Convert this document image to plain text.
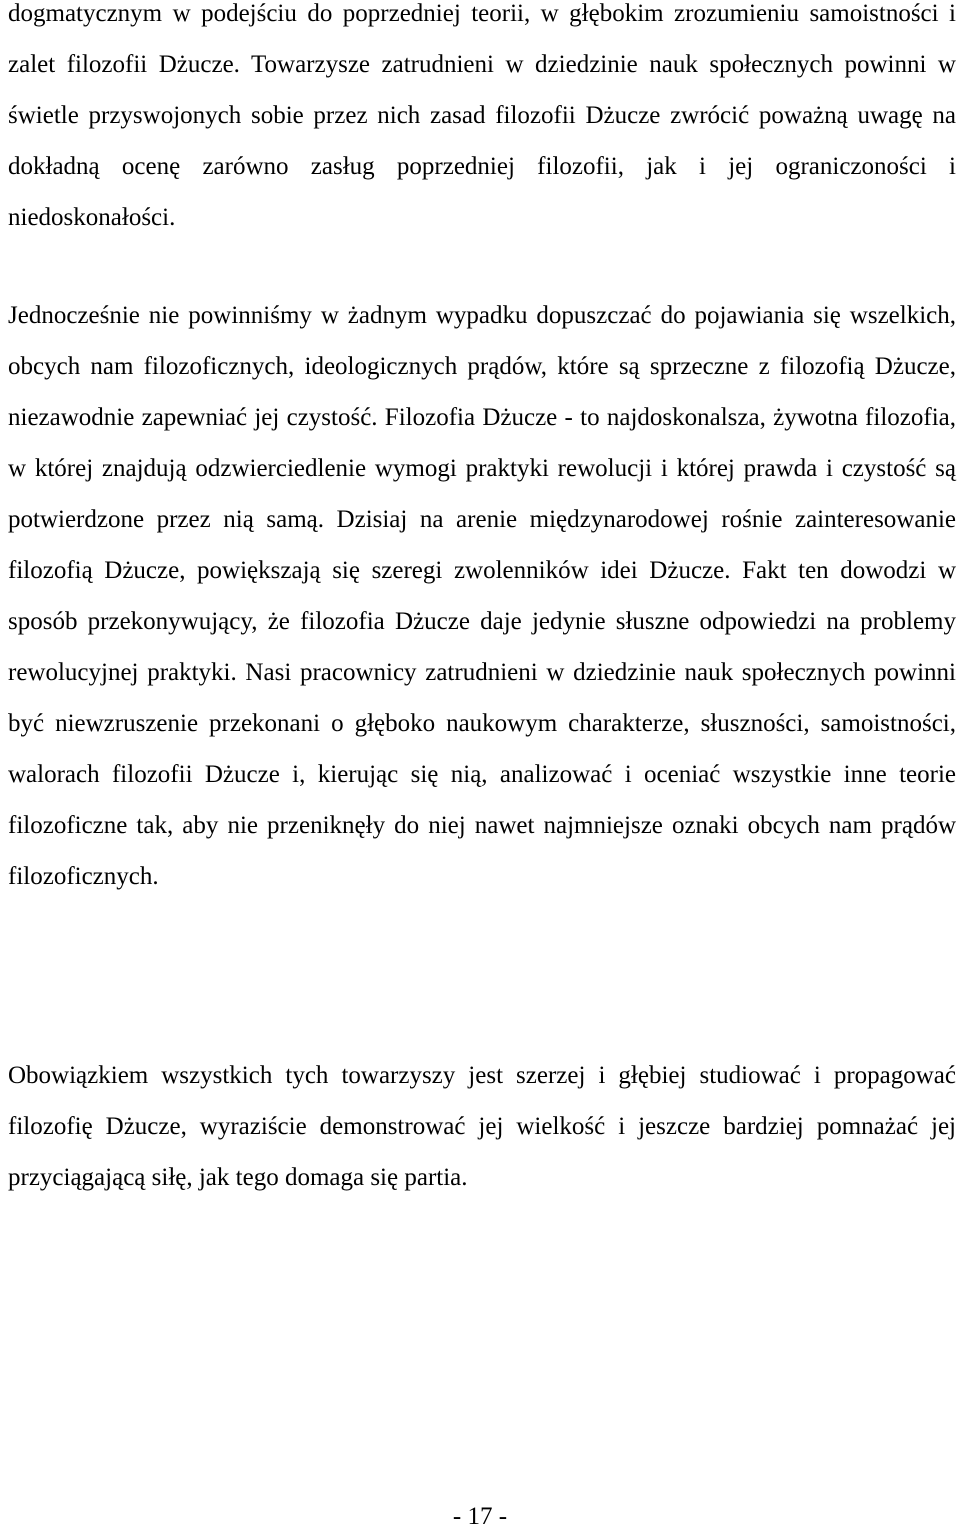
dogmatycznym w podejściu do poprzedniej teorii, w głębokim zrozumieniu samoistności i zalet filozofii Dżucze. Towarzysze zatrudnieni w dziedzinie nauk społecznych powinni w świetle przyswojonych sobie przez nich zasad filozofii Dżucze zwrócić poważną uwagę na dokładną ocenę zarówno zasług poprzedniej filozofii, jak i jej ograniczoności i niedoskonałości.

Jednocześnie nie powinniśmy w żadnym wypadku dopuszczać do pojawiania się wszelkich, obcych nam filozoficznych, ideologicznych prądów, które są sprzeczne z filozofią Dżucze, niezawodnie zapewniać jej czystość. Filozofia Dżucze - to najdoskonalsza, żywotna filozofia, w której znajdują odzwierciedlenie wymogi praktyki rewolucji i której prawda i czystość są potwierdzone przez nią samą. Dzisiaj na arenie międzynarodowej rośnie zainteresowanie filozofią Dżucze, powiększają się szeregi zwolenników idei Dżucze. Fakt ten dowodzi w sposób przekonywujący, że filozofia Dżucze daje jedynie słuszne odpowiedzi na problemy rewolucyjnej praktyki. Nasi pracownicy zatrudnieni w dziedzinie nauk społecznych powinni być niewzruszenie przekonani o głęboko naukowym charakterze, słuszności, samoistności, walorach filozofii Dżucze i, kierując się nią, analizować i oceniać wszystkie inne teorie filozoficzne tak, aby nie przeniknęły do niej nawet najmniejsze oznaki obcych nam prądów filozoficznych.

Obowiązkiem wszystkich tych towarzyszy jest szerzej i głębiej studiować i propagować filozofię Dżucze, wyraziście demonstrować jej wielkość i jeszcze bardziej pomnażać jej przyciągającą siłę, jak tego domaga się partia.

- 17 -
